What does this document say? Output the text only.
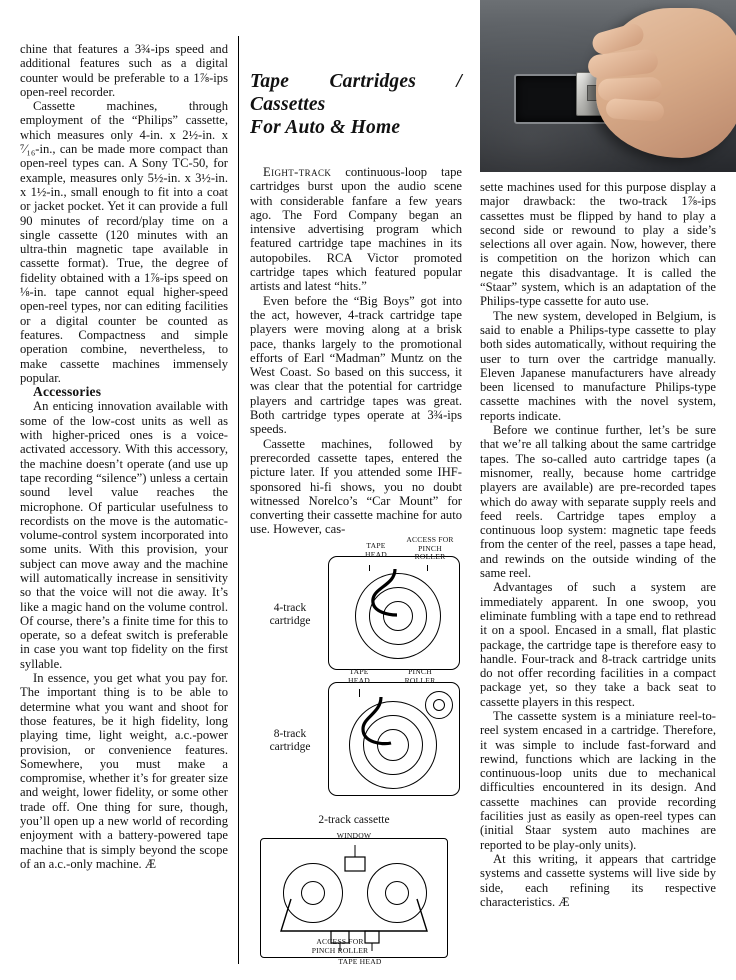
chine that features a 3¾-ips speed and additional features such as a digital counter would be preferable to a 1⅞-ips open-reel recorder.

Cassette machines, through employment of the “Philips” cassette, which measures only 4-in. x 2½-in. x ⁷⁄₁₆-in., can be made more compact than open-reel types can. A Sony TC-50, for example, measures only 5½-in. x 3½-in. x 1½-in., small enough to fit into a coat or jacket pocket. Yet it can provide a full 90 minutes of record/play time on a single cassette (120 minutes with an ultra-thin magnetic tape available in cassette format). True, the degree of fidelity obtained with a 1⅞-ips speed on ⅛-in. tape cannot equal higher-speed open-reel types, nor can editing facilities or a digital counter be counted as features. Compactness and simple operation combine, nevertheless, to make cassette machines immensely popular.

Accessories

An enticing innovation available with some of the low-cost units as well as with higher-priced ones is a voice-activated accessory. With this accessory, the machine doesn’t operate (and use up tape recording “silence”) unless a certain sound level value reaches the microphone. Of particular usefulness to recordists on the move is the automatic-volume-control system incorporated into some units. With this provision, your subject can move away and the machine will automatically increase in sensitivity so that the voice will not die away. It’s like a magic hand on the volume control. Of course, there’s a finite time for this to operate, so a defeat switch is preferable in case you want top fidelity on the first syllable.

In essence, you get what you pay for. The important thing is to be able to determine what you want and shoot for those features, be it high fidelity, long playing time, light weight, a.c.-power provision, or convenience features. Somewhere, you must make a compromise, whether it’s for greater size and weight, lower fidelity, or some other trade off. One thing for sure, though, you’ll open up a new world of recording enjoyment with a battery-powered tape machine that is simply beyond the scope of an a.c.-only machine. Æ

Tape Cartridges / Cassettes
For Auto & Home

Eight-track continuous-loop tape cartridges burst upon the audio scene with considerable fanfare a few years ago. The Ford Company began an intensive advertising program which featured cartridge tape machines in its autopobiles. RCA Victor promoted cartridge tapes which featured popular artists and latest “hits.”

Even before the “Big Boys” got into the act, however, 4-track cartridge tape players were moving along at a brisk pace, thanks largely to the promotional efforts of Earl “Madman” Muntz on the West Coast. So based on this success, it was clear that the potential for cartridge players and cartridge tapes was great. Both cartridge types operate at 3¾-ips speeds.

Cassette machines, followed by prerecorded cassette tapes, entered the picture later. If you attended some IHF-sponsored hi-fi shows, you no doubt witnessed Norelco’s “Car Mount” for converting their cassette machine for auto use. However, cas-

sette machines used for this purpose display a major drawback: the two-track 1⅞-ips cassettes must be flipped by hand to play a second side or rewound to play a side’s selections all over again. Now, however, there is competition on the horizon which can negate this disadvantage. It is called the “Staar” system, which is an adaptation of the Philips-type cassette for auto use.

The new system, developed in Belgium, is said to enable a Philips-type cassette to play both sides automatically, without requiring the user to turn over the cartridge manually. Eleven Japanese manufacturers have already been licensed to manufacture Philips-type cassette machines with the novel system, reports indicate.

Before we continue further, let’s be sure that we’re all talking about the same cartridge tapes. The so-called auto cartridge tapes (a misnomer, really, because home cartridge players are available) are pre-recorded tapes which do away with separate supply reels and feed reels. Cartridge tapes employ a continuous loop system: magnetic tape feeds from the center of the reel, passes a tape head, and rewinds on the outside winding of the same reel.

Advantages of such a system are immediately apparent. In one swoop, you eliminate fumbling with a tape end to rethread it on a spool. Encased in a small, flat plastic package, the cartridge tape is therefore easy to handle. Four-track and 8-track cartridge units do not offer recording facilities in a compact package yet, so they take a back seat to cassette players in this respect.

The cassette system is a miniature reel-to-reel system encased in a cartridge. Therefore, it was simple to include fast-forward and rewind, functions which are lacking in the continuous-loop units due to mechanical difficulties encountered in its design. And cassette machines can provide recording facilities just as easily as open-reel types can (initial Staar system auto machines are reported to be play-only units).

At this writing, it appears that cartridge systems and cassette systems will live side by side, each refining its respective characteristics. Æ

TAPE
HEAD
ACCESS FOR
PINCH
ROLLER
4-track
cartridge
TAPE
HEAD
PINCH
ROLLER
8-track
cartridge
2-track cassette
WINDOW
ACCESS FOR
PINCH ROLLER
TAPE HEAD
